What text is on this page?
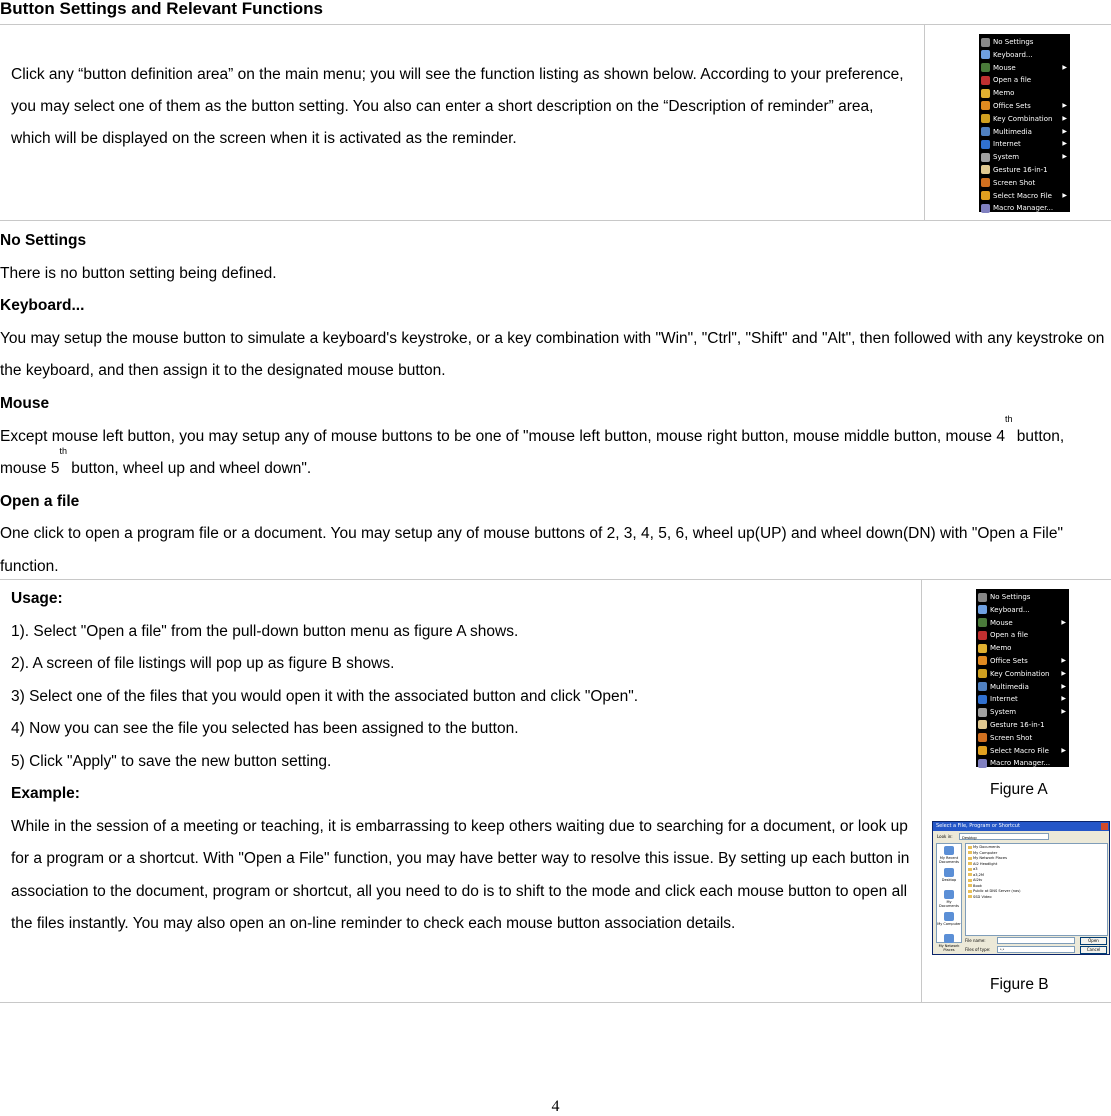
Button Settings and Relevant Functions
Click any “button definition area” on the main menu; you will see the function listing as shown below. According to your preference, you may select one of them as the button setting. You also can enter a short description on the “Description of reminder” area, which will be displayed on the screen when it is activated as the reminder.
No Settings
Keyboard...
Mouse	▶
Open a file
Memo
Office Sets	▶
Key Combination ▶
Multimedia	▶
Internet	▶
System	▶
Gesture 16-in-1
Screen Shot
Select Macro File ▶
Macro Manager...

No Settings

There is no button setting being defined.

Keyboard...

You may setup the mouse button to simulate a keyboard's keystroke, or a key combination with "Win", "Ctrl", "Shift" and "Alt", then followed with any keystroke on the keyboard, and then assign it to the designated mouse button.

Mouse

Except mouse left button, you may setup any of mouse buttons to be one of "mouse left button, mouse right button, mouse middle button, mouse 4th button, mouse 5th button, wheel up and wheel down".

Open a file

One click to open a program file or a document. You may setup any of mouse buttons of 2, 3, 4, 5, 6, wheel up(UP) and wheel down(DN) with "Open a File" function.

Usage:

1). Select "Open a file" from the pull-down button menu as figure A shows.

2). A screen of file listings will pop up as figure B shows.

3) Select one of the files that you would open it with the associated button and click "Open".

4) Now you can see the file you selected has been assigned to the button.

5) Click "Apply" to save the new button setting.

Example:

While in the session of a meeting or teaching, it is embarrassing to keep others waiting due to searching for a document, or look up for a program or a shortcut. With "Open a File" function, you may have better way to resolve this issue. By setting up each button in association to the document, program or shortcut, all you need to do is to shift to the mode and click each mouse button to open all the files instantly. You may also open an on-line reminder to check each mouse button association details.

No Settings
Keyboard...
Mouse	▶
Open a file
Memo
Office Sets	▶
Key Combination ▶
Multimedia	▶
Internet	▶
System	▶
Gesture 16-in-1
Screen Shot
Select Macro File ▶
Macro Manager...
Figure A
Select a File, Program or Shortcut
Look in:	Desktop
My Recent Documents
Desktop
My Documents
My Computer
My Network Places
My Documents
My Computer
My Network Places
Ai2 Headlight
a3
a3,2M
Ai2tv
Book
Public at DNS Server (nas)
SSD Video
File name:
Files of type:	*.*
Open
Cancel
Figure B
4
